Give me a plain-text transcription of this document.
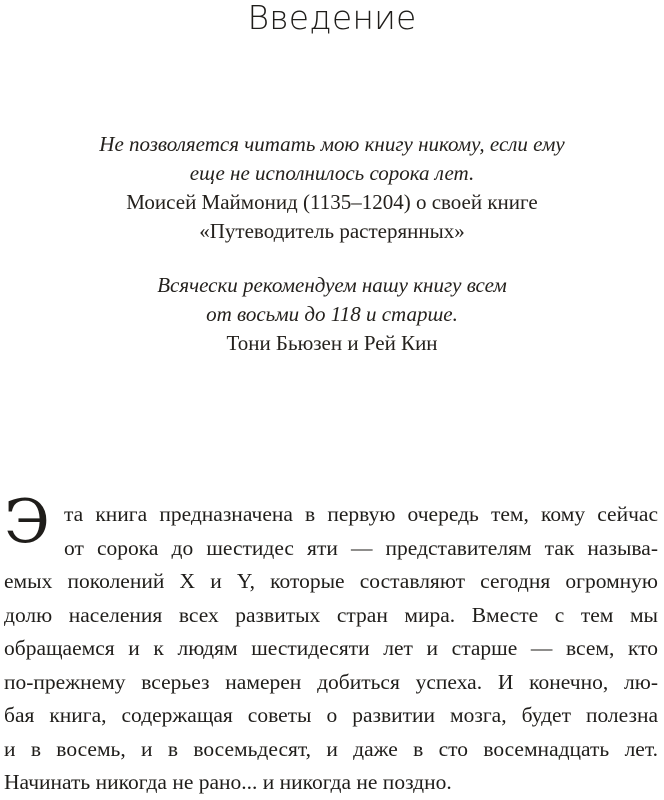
Введение
Не позволяется читать мою книгу никому, если ему
еще не исполнилось сорока лет.
Моисей Маймонид (1135–1204) о своей книге
«Путеводитель растерянных»
Всячески рекомендуем нашу книгу всем
от восьми до 118 и старше.
Тони Бьюзен и Рей Кин
Э та книга предназначена в первую очередь тем, кому сейчас
от сорока до шестидес яти — представителям так называ-
емых поколений X и Y, которые составляют сегодня огромную
долю населения всех развитых стран мира. Вместе с тем мы
обращаемся и к людям шестидесяти лет и старше — всем, кто
по-прежнему всерьез намерен добиться успеха. И конечно, лю-
бая книга, содержащая советы о развитии мозга, будет полезна
и в восемь, и в восемьдесят, и даже в сто восемнадцать лет.
Начинать никогда не рано... и никогда не поздно.
